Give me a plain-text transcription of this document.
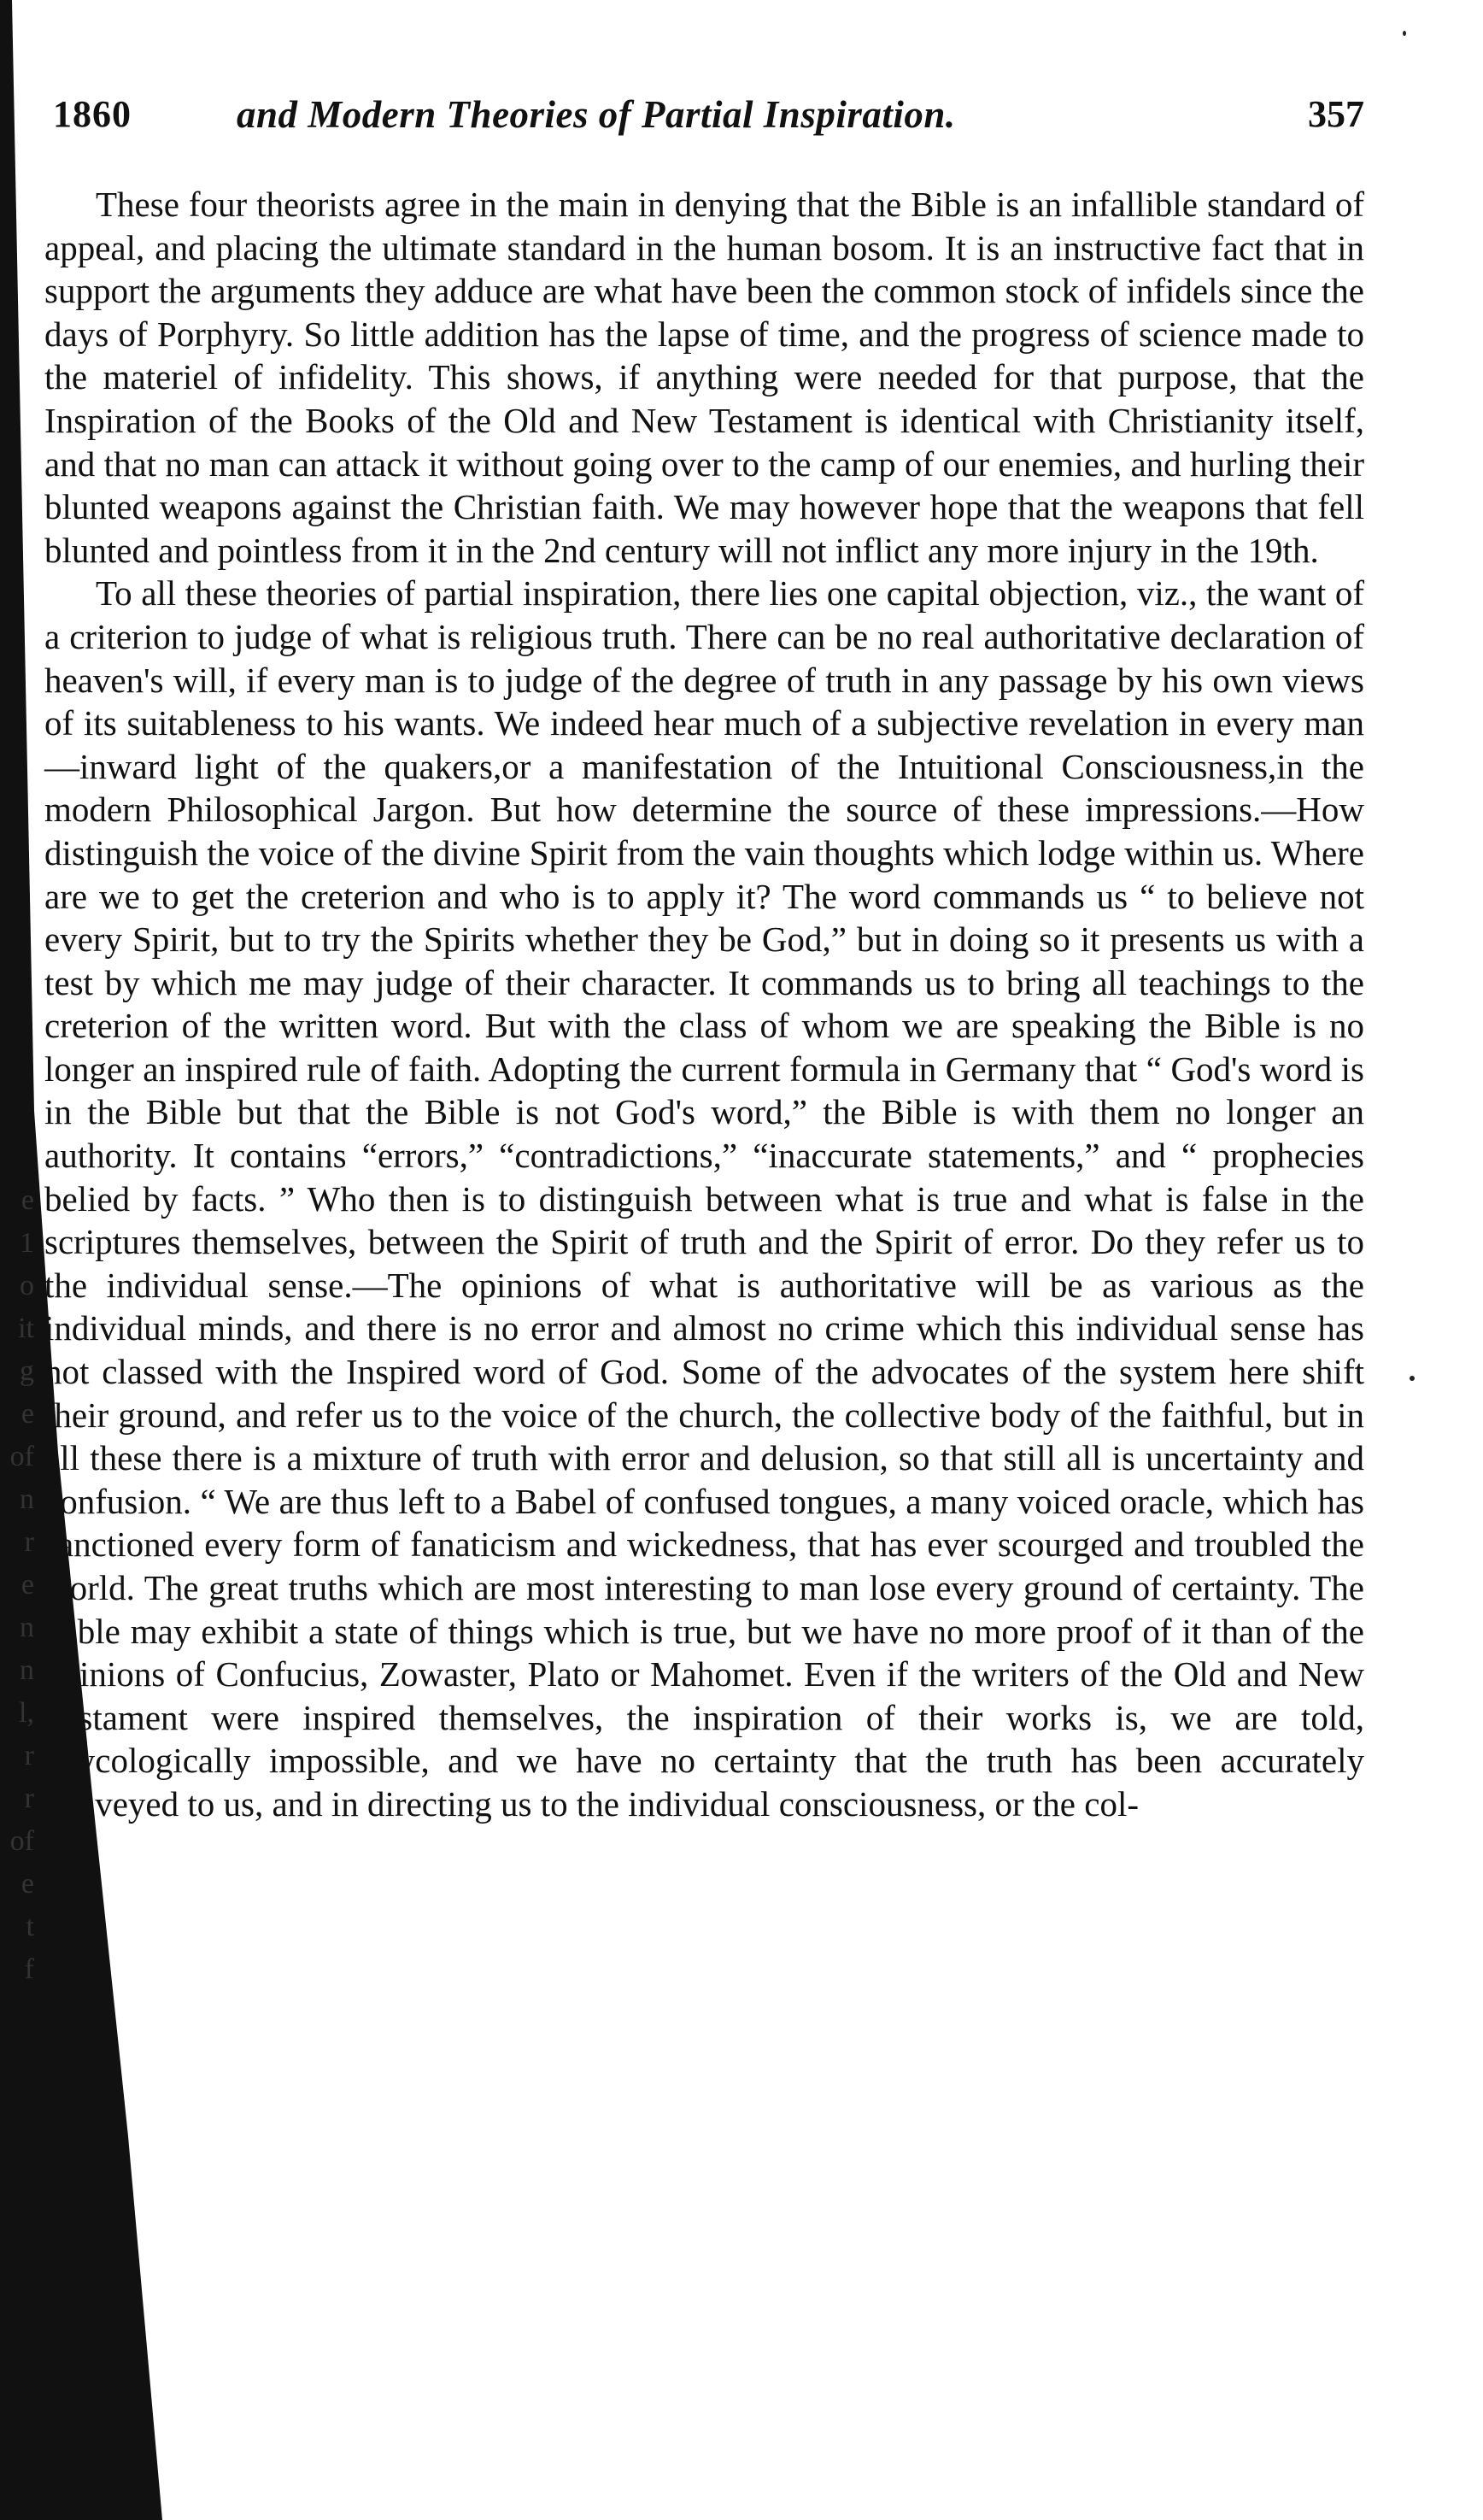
e
1
o
it
g
e
of
n
r
e
n
n
l,
r
r
of
e
t
f
1860	and Modern Theories of Partial Inspiration.	357

These four theorists agree in the main in denying that the Bible is an infallible standard of appeal, and placing the ultimate standard in the human bosom. It is an instructive fact that in support the arguments they adduce are what have been the common stock of infidels since the days of Porphyry. So little addition has the lapse of time, and the progress of science made to the materiel of infidelity. This shows, if anything were needed for that purpose, that the Inspiration of the Books of the Old and New Testament is identical with Christianity itself, and that no man can attack it without going over to the camp of our enemies, and hurling their blunted weapons against the Christian faith. We may however hope that the weapons that fell blunted and pointless from it in the 2nd century will not inflict any more injury in the 19th.

To all these theories of partial inspiration, there lies one capital objection, viz., the want of a criterion to judge of what is religious truth. There can be no real authoritative declaration of heaven's will, if every man is to judge of the degree of truth in any passage by his own views of its suitableness to his wants. We indeed hear much of a subjective revelation in every man—inward light of the quakers,or a manifestation of the Intuitional Consciousness,in the modern Philosophical Jargon. But how determine the source of these impressions.—How distinguish the voice of the divine Spirit from the vain thoughts which lodge within us. Where are we to get the creterion and who is to apply it? The word commands us “ to believe not every Spirit, but to try the Spirits whether they be God,” but in doing so it presents us with a test by which me may judge of their character. It commands us to bring all teachings to the creterion of the written word. But with the class of whom we are speaking the Bible is no longer an inspired rule of faith. Adopting the current formula in Germany that “ God's word is in the Bible but that the Bible is not God's word,” the Bible is with them no longer an authority. It contains “errors,” “contradictions,” “inaccurate statements,” and “ prophecies belied by facts. ” Who then is to distinguish between what is true and what is false in the scriptures themselves, between the Spirit of truth and the Spirit of error. Do they refer us to the individual sense.—The opinions of what is authoritative will be as various as the individual minds, and there is no error and almost no crime which this individual sense has not classed with the Inspired word of God. Some of the advocates of the system here shift their ground, and refer us to the voice of the church, the collective body of the faithful, but in all these there is a mixture of truth with error and delusion, so that still all is uncertainty and confusion. “ We are thus left to a Babel of confused tongues, a many voiced oracle, which has sanctioned every form of fanaticism and wickedness, that has ever scourged and troubled the world. The great truths which are most interesting to man lose every ground of certainty. The Bible may exhibit a state of things which is true, but we have no more proof of it than of the opinions of Confucius, Zowaster, Plato or Mahomet. Even if the writers of the Old and New Testament were inspired themselves, the inspiration of their works is, we are told, Psycologically impossible, and we have no certainty that the truth has been accurately conveyed to us, and in directing us to the individual consciousness, or the col-
